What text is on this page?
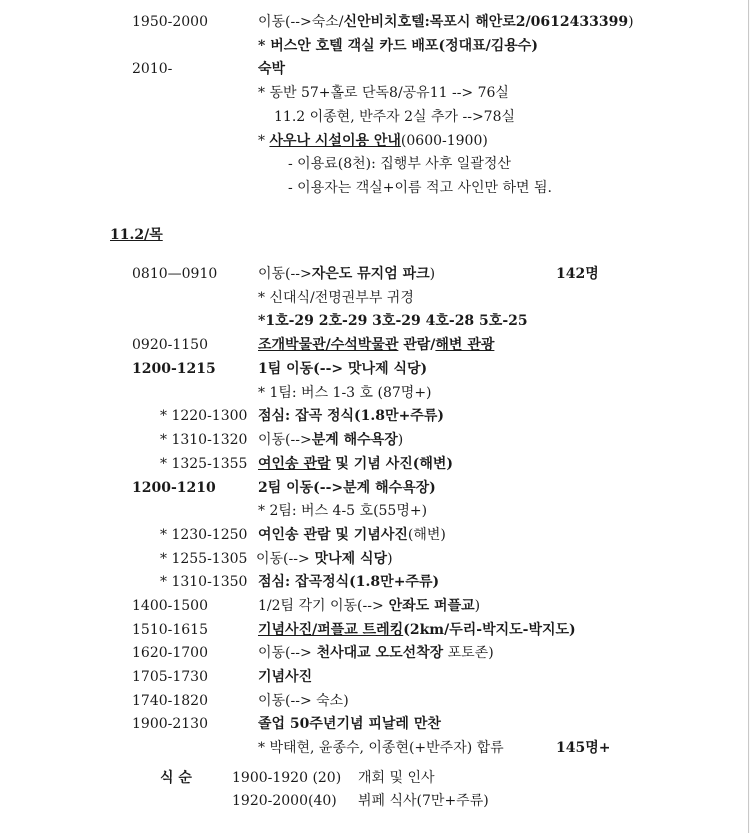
1950-2000	이동(-->숙소/신안비치호텔:목포시 해안로2/0612433399)
* 버스안 호텔 객실 카드 배포(정대표/김용수)
2010-	숙박
* 동반 57+홀로 단독8/공유11 --> 76실
11.2 이종현, 반주자 2실 추가 -->78실
* 사우나 시설이용 안내(0600-1900)
- 이용료(8천): 집행부 사후 일괄정산
- 이용자는 객실+이름 적고 사인만 하면 됨.
11.2/목
0810—0910	이동(-->자은도 뮤지엄 파크)	142명
* 신대식/전명권부부 귀경
*1호-29 2호-29 3호-29 4호-28 5호-25
0920-1150	조개박물관/수석박물관 관람/해변 관광
1200-1215	1팀 이동(--> 맛나제 식당)
* 1팀: 버스 1-3 호 (87명+)
* 1220-1300 점심: 잡곡 정식(1.8만+주류)
* 1310-1320 이동(-->분계 해수욕장)
* 1325-1355 여인송 관람 및 기념 사진(해변)
1200-1210	2팀 이동(-->분계 해수욕장)
* 2팀: 버스 4-5 호(55명+)
* 1230-1250 여인송 관람 및 기념사진(해변)
* 1255-1305 이동(--> 맛나제 식당)
* 1310-1350 점심: 잡곡정식(1.8만+주류)
1400-1500	1/2팀 각기 이동(--> 안좌도 퍼플교)
1510-1615	기념사진/퍼플교 트레킹(2km/두리-박지도-박지도)
1620-1700	이동(--> 천사대교 오도선착장 포토존)
1705-1730	기념사진
1740-1820	이동(--> 숙소)
1900-2130	졸업 50주년기념 피날레 만찬
* 박태현, 윤종수, 이종현(+반주자) 합류	145명+
식 순	1900-1920 (20) 개회 및 인사
1920-2000(40) 뷔페 식사(7만+주류)
